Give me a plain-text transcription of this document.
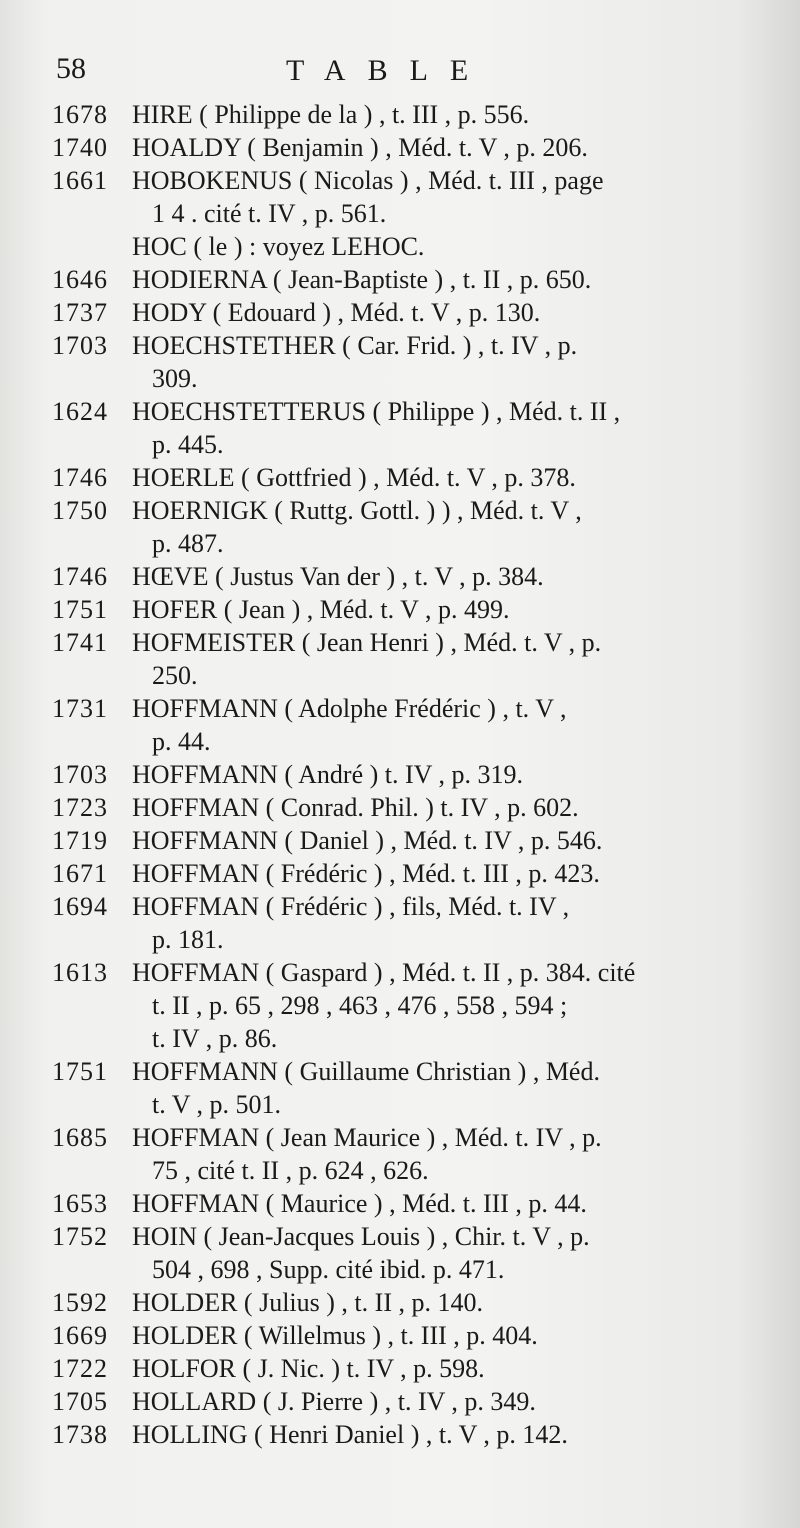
58	TABLE
1678 HIRE ( Philippe de la ) , t. III , p. 556.
1740 HOALDY ( Benjamin ) , Méd. t. V , p. 206.
1661 HOBOKENUS ( Nicolas ) , Méd. t. III , page
1 4 . cité t. IV , p. 561.
HOC ( le ) : voyez LEHOC.
1646 HODIERNA ( Jean-Baptiste ) , t. II , p. 650.
1737 HODY ( Edouard ) , Méd. t. V , p. 130.
1703 HOECHSTETHER ( Car. Frid. ) , t. IV , p.
309.
1624 HOECHSTETTERUS ( Philippe ) , Méd. t. II ,
p. 445.
1746 HOERLE ( Gottfried ) , Méd. t. V , p. 378.
1750 HOERNIGK ( Ruttg. Gottl. ) ) , Méd. t. V ,
p. 487.
1746 HŒVE ( Justus Van der ) , t. V , p. 384.
1751 HOFER ( Jean ) , Méd. t. V , p. 499.
1741 HOFMEISTER ( Jean Henri ) , Méd. t. V , p.
250.
1731 HOFFMANN ( Adolphe Frédéric ) , t. V ,
p. 44.
1703 HOFFMANN ( André ) t. IV , p. 319.
1723 HOFFMAN ( Conrad. Phil. ) t. IV , p. 602.
1719 HOFFMANN ( Daniel ) , Méd. t. IV , p. 546.
1671 HOFFMAN ( Frédéric ) , Méd. t. III , p. 423.
1694 HOFFMAN ( Frédéric ) , fils, Méd. t. IV ,
p. 181.
1613 HOFFMAN ( Gaspard ) , Méd. t. II , p. 384. cité
t. II , p. 65 , 298 , 463 , 476 , 558 , 594 ;
t. IV , p. 86.
1751 HOFFMANN ( Guillaume Christian ) , Méd.
t. V , p. 501.
1685 HOFFMAN ( Jean Maurice ) , Méd. t. IV , p.
75 , cité t. II , p. 624 , 626.
1653 HOFFMAN ( Maurice ) , Méd. t. III , p. 44.
1752 HOIN ( Jean-Jacques Louis ) , Chir. t. V , p.
504 , 698 , Supp. cité ibid. p. 471.
1592 HOLDER ( Julius ) , t. II , p. 140.
1669 HOLDER ( Willelmus ) , t. III , p. 404.
1722 HOLFOR ( J. Nic. ) t. IV , p. 598.
1705 HOLLARD ( J. Pierre ) , t. IV , p. 349.
1738 HOLLING ( Henri Daniel ) , t. V , p. 142.
